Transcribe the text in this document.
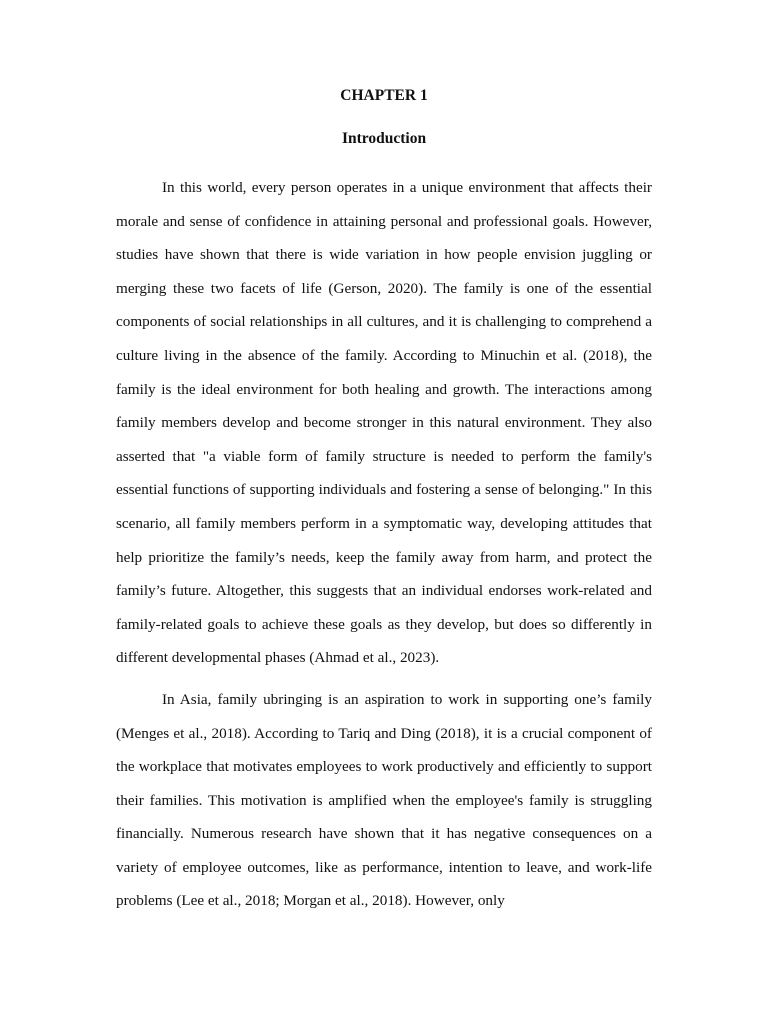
CHAPTER 1
Introduction

In this world, every person operates in a unique environment that affects their morale and sense of confidence in attaining personal and professional goals. However, studies have shown that there is wide variation in how people envision juggling or merging these two facets of life (Gerson, 2020). The family is one of the essential components of social relationships in all cultures, and it is challenging to comprehend a culture living in the absence of the family. According to Minuchin et al. (2018), the family is the ideal environment for both healing and growth. The interactions among family members develop and become stronger in this natural environment. They also asserted that "a viable form of family structure is needed to perform the family's essential functions of supporting individuals and fostering a sense of belonging." In this scenario, all family members perform in a symptomatic way, developing attitudes that help prioritize the family’s needs, keep the family away from harm, and protect the family’s future. Altogether, this suggests that an individual endorses work-related and family-related goals to achieve these goals as they develop, but does so differently in different developmental phases (Ahmad et al., 2023).

In Asia, family ubringing is an aspiration to work in supporting one’s family (Menges et al., 2018). According to Tariq and Ding (2018), it is a crucial component of the workplace that motivates employees to work productively and efficiently to support their families. This motivation is amplified when the employee's family is struggling financially. Numerous research have shown that it has negative consequences on a variety of employee outcomes, like as performance, intention to leave, and work-life problems (Lee et al., 2018; Morgan et al., 2018). However, only
